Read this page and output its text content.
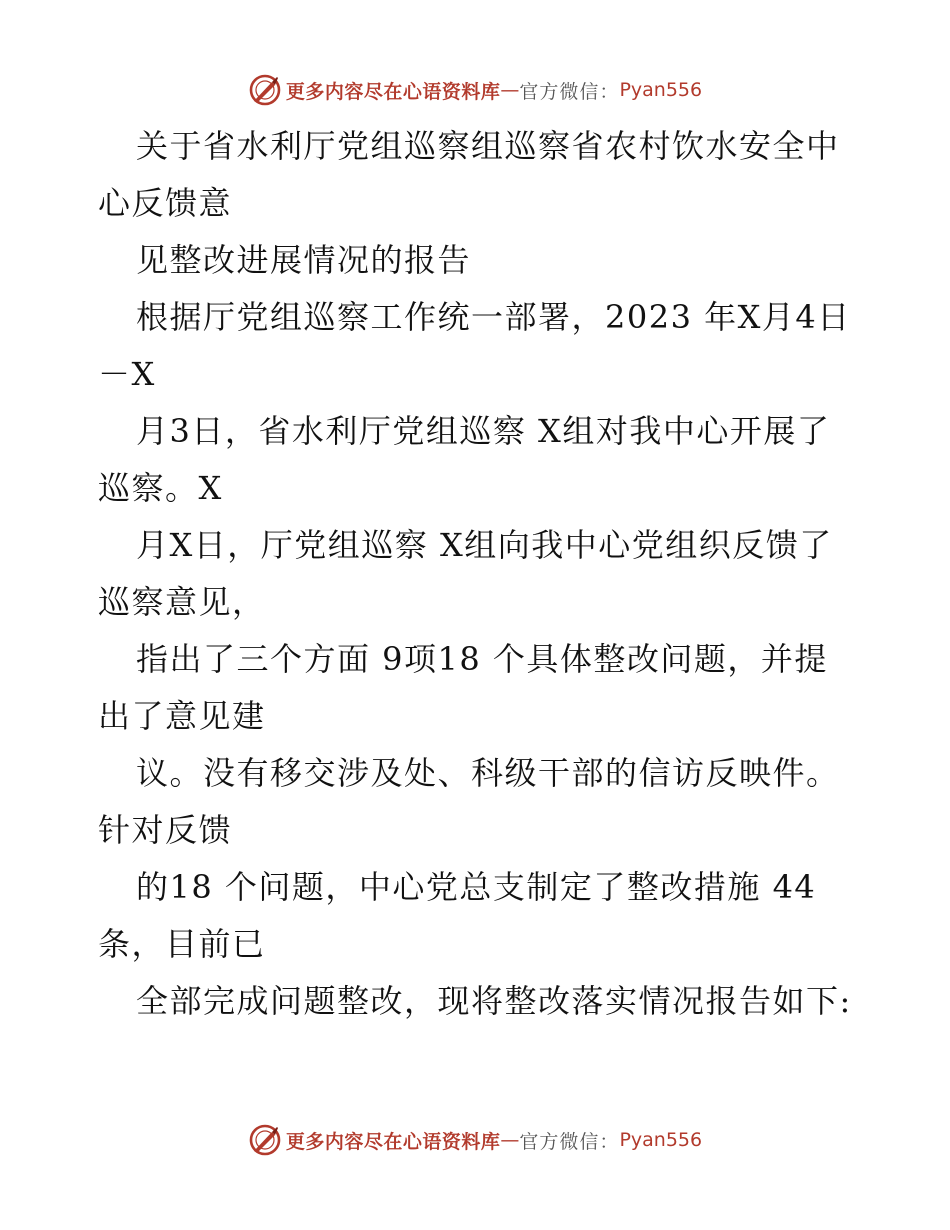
更多内容尽在心语资料库 — 官方微信： Pyan556

关于省水利厅党组巡察组巡察省农村饮水安全中心反馈意

见整改进展情况的报告

根据厅党组巡察工作统一部署，2023 年X月4日－X

月3日，省水利厅党组巡察 X组对我中心开展了巡察。X

月X日，厅党组巡察 X组向我中心党组织反馈了巡察意见，

指出了三个方面 9项18 个具体整改问题，并提出了意见建

议。没有移交涉及处、科级干部的信访反映件。针对反馈

的18 个问题，中心党总支制定了整改措施 44条，目前已

全部完成问题整改，现将整改落实情况报告如下:

更多内容尽在心语资料库 — 官方微信： Pyan556
